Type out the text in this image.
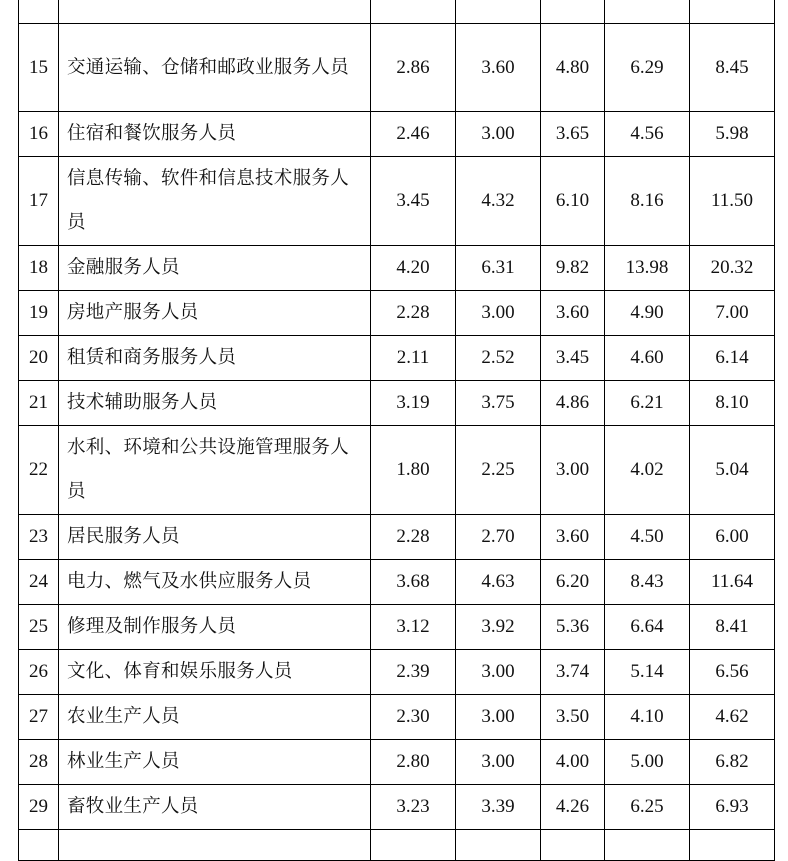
15	交通运输、仓储和邮政业服务人员	2.86	3.60	4.80	6.29	8.45
16	住宿和餐饮服务人员	2.46	3.00	3.65	4.56	5.98
17	信息传输、软件和信息技术服务人员	3.45	4.32	6.10	8.16	11.50
18	金融服务人员	4.20	6.31	9.82	13.98	20.32
19	房地产服务人员	2.28	3.00	3.60	4.90	7.00
20	租赁和商务服务人员	2.11	2.52	3.45	4.60	6.14
21	技术辅助服务人员	3.19	3.75	4.86	6.21	8.10
22	水利、环境和公共设施管理服务人员	1.80	2.25	3.00	4.02	5.04
23	居民服务人员	2.28	2.70	3.60	4.50	6.00
24	电力、燃气及水供应服务人员	3.68	4.63	6.20	8.43	11.64
25	修理及制作服务人员	3.12	3.92	5.36	6.64	8.41
26	文化、体育和娱乐服务人员	2.39	3.00	3.74	5.14	6.56
27	农业生产人员	2.30	3.00	3.50	4.10	4.62
28	林业生产人员	2.80	3.00	4.00	5.00	6.82
29	畜牧业生产人员	3.23	3.39	4.26	6.25	6.93
